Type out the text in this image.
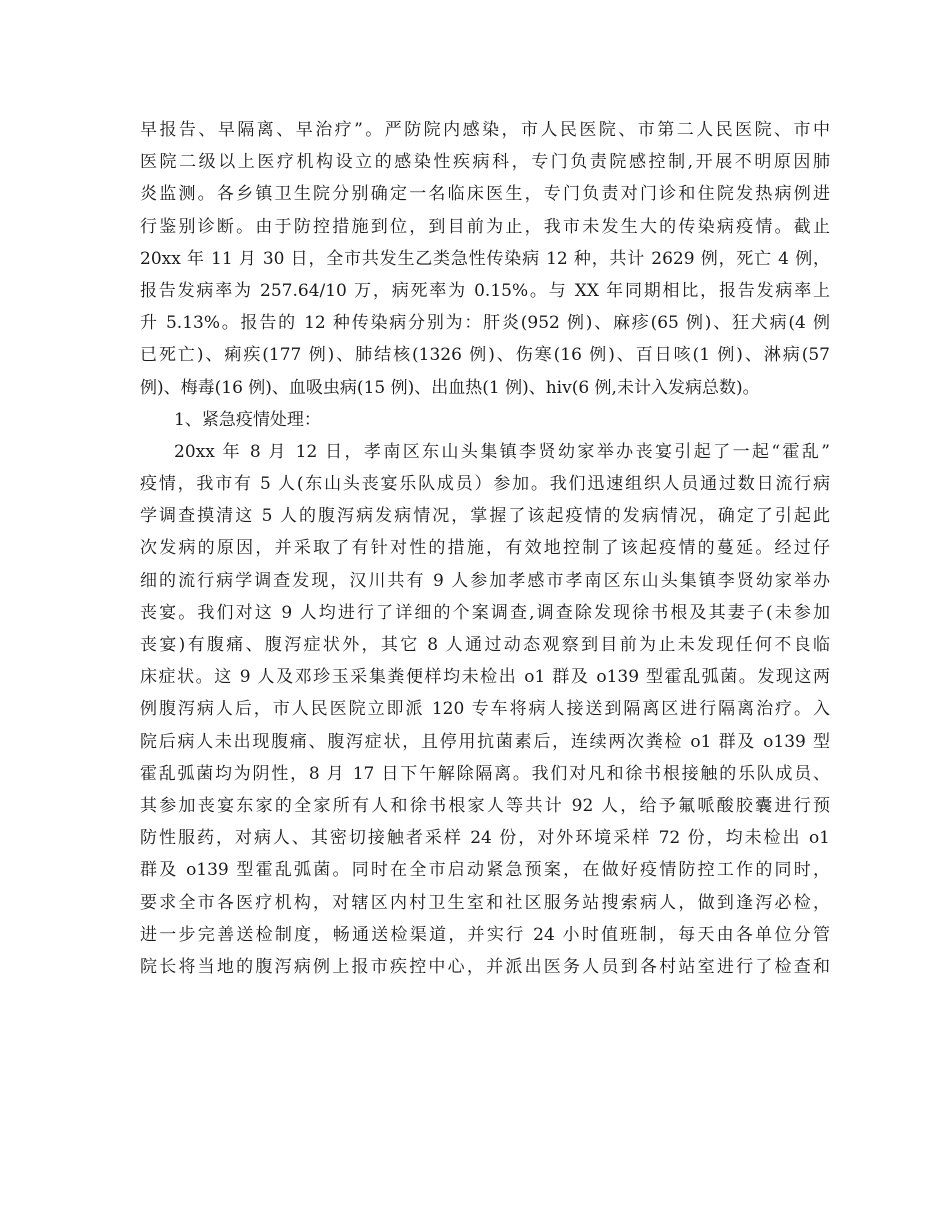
早报告、早隔离、早治疗”。严防院内感染，市人民医院、市第二人民医院、市中
医院二级以上医疗机构设立的感染性疾病科，专门负责院感控制,开展不明原因肺
炎监测。各乡镇卫生院分别确定一名临床医生，专门负责对门诊和住院发热病例进
行鉴别诊断。由于防控措施到位，到目前为止，我市未发生大的传染病疫情。截止
20xx 年 11 月 30 日，全市共发生乙类急性传染病 12 种，共计 2629 例，死亡 4 例，
报告发病率为 257.64/10 万，病死率为 0.15%。与 XX 年同期相比，报告发病率上
升 5.13%。报告的 12 种传染病分别为：肝炎(952 例)、麻疹(65 例)、狂犬病(4 例
已死亡)、痢疾(177 例)、肺结核(1326 例)、伤寒(16 例)、百日咳(1 例)、淋病(57
例)、梅毒(16 例)、血吸虫病(15 例)、出血热(1 例)、hiv(6 例,未计入发病总数)。
1、紧急疫情处理：
20xx 年 8 月 12 日，孝南区东山头集镇李贤幼家举办丧宴引起了一起“霍乱”
疫情，我市有 5 人(东山头丧宴乐队成员）参加。我们迅速组织人员通过数日流行病
学调查摸清这 5 人的腹泻病发病情况，掌握了该起疫情的发病情况，确定了引起此
次发病的原因，并采取了有针对性的措施，有效地控制了该起疫情的蔓延。经过仔
细的流行病学调查发现，汉川共有 9 人参加孝感市孝南区东山头集镇李贤幼家举办
丧宴。我们对这 9 人均进行了详细的个案调查,调查除发现徐书根及其妻子(未参加
丧宴)有腹痛、腹泻症状外，其它 8 人通过动态观察到目前为止未发现任何不良临
床症状。这 9 人及邓珍玉采集粪便样均未检出 o1 群及 o139 型霍乱弧菌。发现这两
例腹泻病人后，市人民医院立即派 120 专车将病人接送到隔离区进行隔离治疗。入
院后病人未出现腹痛、腹泻症状，且停用抗菌素后，连续两次粪检 o1 群及 o139 型
霍乱弧菌均为阴性，8 月 17 日下午解除隔离。我们对凡和徐书根接触的乐队成员、
其参加丧宴东家的全家所有人和徐书根家人等共计 92 人，给予氟哌酸胶囊进行预
防性服药，对病人、其密切接触者采样 24 份，对外环境采样 72 份，均未检出 o1
群及 o139 型霍乱弧菌。同时在全市启动紧急预案，在做好疫情防控工作的同时，
要求全市各医疗机构，对辖区内村卫生室和社区服务站搜索病人，做到逢泻必检，
进一步完善送检制度，畅通送检渠道，并实行 24 小时值班制，每天由各单位分管
院长将当地的腹泻病例上报市疾控中心，并派出医务人员到各村站室进行了检查和
